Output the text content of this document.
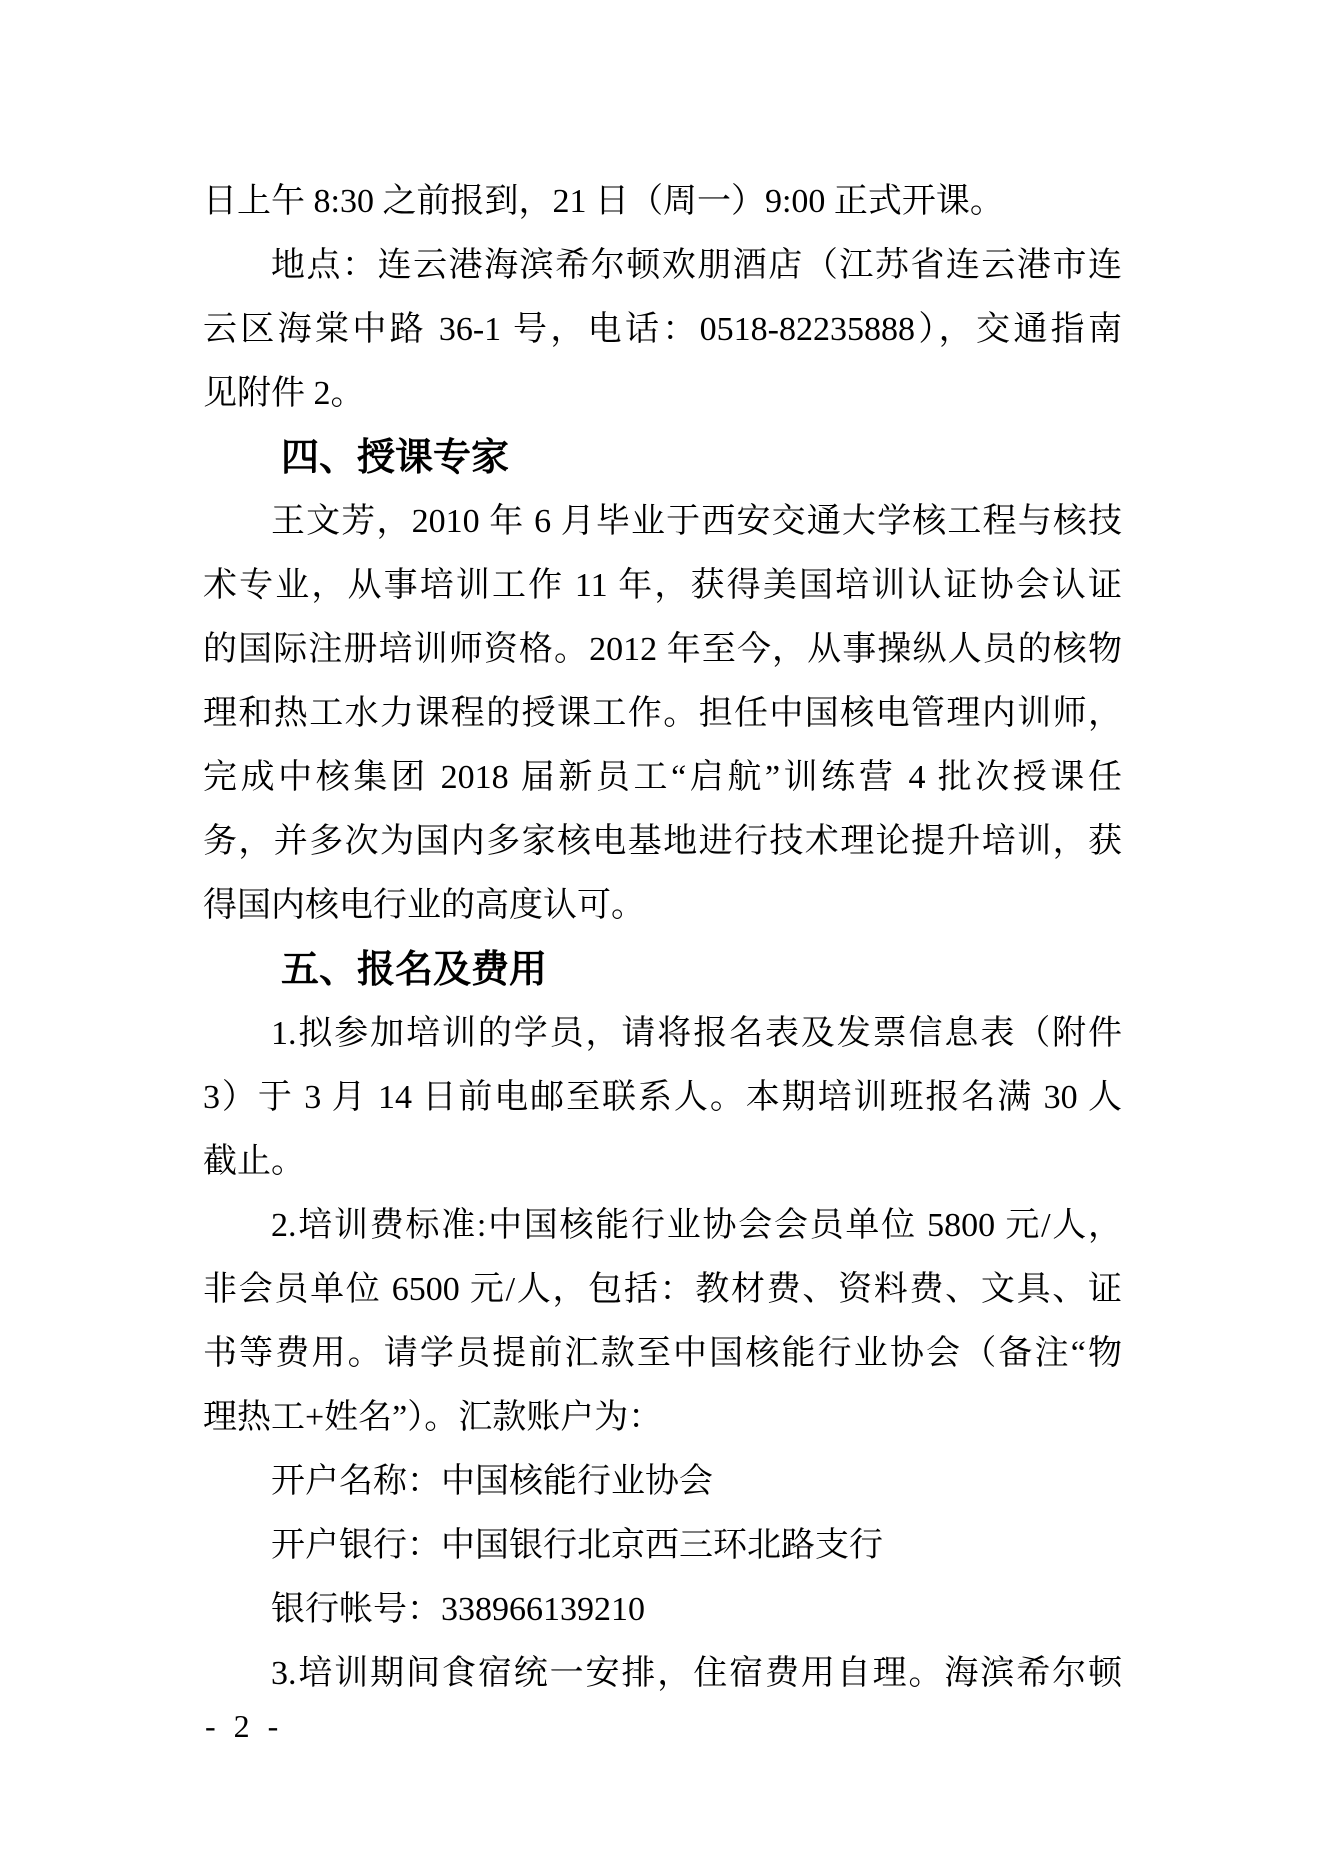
日上午 8:30 之前报到，21 日（周一）9:00 正式开课。
地点：连云港海滨希尔顿欢朋酒店（江苏省连云港市连
云区海棠中路 36-1 号，电话：0518-82235888），交通指南
见附件 2。
四、授课专家
王文芳，2010 年 6 月毕业于西安交通大学核工程与核技
术专业，从事培训工作 11 年，获得美国培训认证协会认证
的国际注册培训师资格。2012 年至今，从事操纵人员的核物
理和热工水力课程的授课工作。担任中国核电管理内训师，
完成中核集团 2018 届新员工“启航”训练营 4 批次授课任
务，并多次为国内多家核电基地进行技术理论提升培训，获
得国内核电行业的高度认可。
五、报名及费用
1.拟参加培训的学员，请将报名表及发票信息表（附件
3）于 3 月 14 日前电邮至联系人。本期培训班报名满 30 人
截止。
2.培训费标准:中国核能行业协会会员单位 5800 元/人，
非会员单位 6500 元/人，包括：教材费、资料费、文具、证
书等费用。请学员提前汇款至中国核能行业协会（备注“物
理热工+姓名”）。汇款账户为：
开户名称：中国核能行业协会
开户银行：中国银行北京西三环北路支行
银行帐号：338966139210
3.培训期间食宿统一安排，住宿费用自理。海滨希尔顿
- 2 -
